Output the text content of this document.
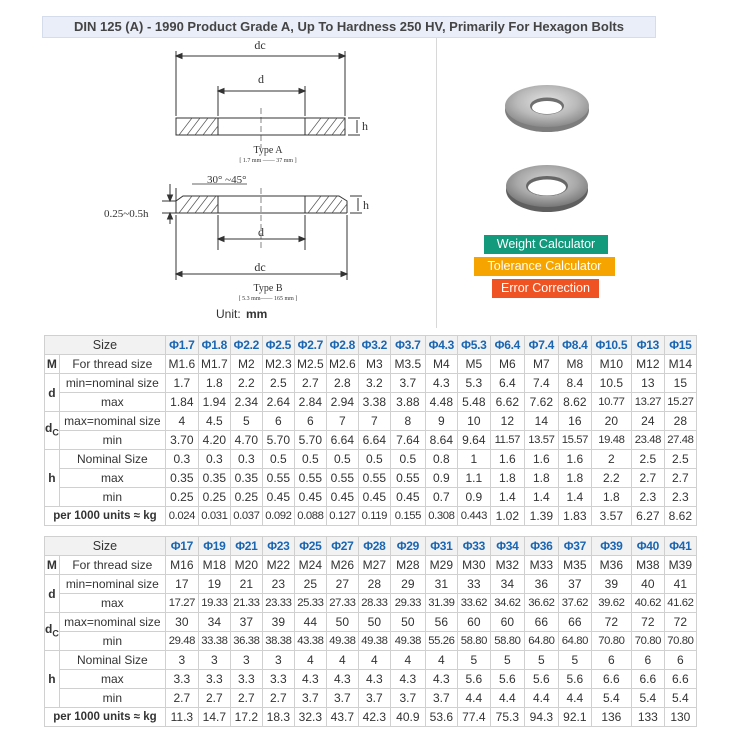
DIN 125 (A) - 1990 Product Grade A, Up To Hardness 250 HV, Primarily For Hexagon Bolts
dc
d
h
Type A
[ 1.7 mm —— 37 mm ]
30° ~45°
0.25~0.5h
h
d
dc
Type B
[ 5.3 mm—— 165 mm ]
Unit: mm
Weight Calculator
Tolerance Calculator
Error Correction
Size		Φ1.7	Φ1.8	Φ2.2	Φ2.5	Φ2.7	Φ2.8	Φ3.2	Φ3.7	Φ4.3	Φ5.3	Φ6.4	Φ7.4	Φ8.4	Φ10.5	Φ13	Φ15
M	For thread size	M1.6	M1.7	M2	M2.3	M2.5	M2.6	M3	M3.5	M4	M5	M6	M7	M8	M10	M12	M14
d	min=nominal size	1.7	1.8	2.2	2.5	2.7	2.8	3.2	3.7	4.3	5.3	6.4	7.4	8.4	10.5	13	15
	max	1.84	1.94	2.34	2.64	2.84	2.94	3.38	3.88	4.48	5.48	6.62	7.62	8.62	10.77	13.27	15.27
$d_C$	max=nominal size	4	4.5	5	6	6	7	7	8	9	10	12	14	16	20	24	28
	min	3.70	4.20	4.70	5.70	5.70	6.64	6.64	7.64	8.64	9.64	11.57	13.57	15.57	19.48	23.48	27.48
h	Nominal Size	0.3	0.3	0.3	0.5	0.5	0.5	0.5	0.5	0.8	1	1.6	1.6	1.6	2	2.5	2.5
	max	0.35	0.35	0.35	0.55	0.55	0.55	0.55	0.55	0.9	1.1	1.8	1.8	1.8	2.2	2.7	2.7
	min	0.25	0.25	0.25	0.45	0.45	0.45	0.45	0.45	0.7	0.9	1.4	1.4	1.4	1.8	2.3	2.3
per 1000 units ≈ kg		0.024	0.031	0.037	0.092	0.088	0.127	0.119	0.155	0.308	0.443	1.02	1.39	1.83	3.57	6.27	8.62
Size		Φ17	Φ19	Φ21	Φ23	Φ25	Φ27	Φ28	Φ29	Φ31	Φ33	Φ34	Φ36	Φ37	Φ39	Φ40	Φ41
M	For thread size	M16	M18	M20	M22	M24	M26	M27	M28	M29	M30	M32	M33	M35	M36	M38	M39
d	min=nominal size	17	19	21	23	25	27	28	29	31	33	34	36	37	39	40	41
	max	17.27	19.33	21.33	23.33	25.33	27.33	28.33	29.33	31.39	33.62	34.62	36.62	37.62	39.62	40.62	41.62
$d_C$	max=nominal size	30	34	37	39	44	50	50	50	56	60	60	66	66	72	72	72
	min	29.48	33.38	36.38	38.38	43.38	49.38	49.38	49.38	55.26	58.80	58.80	64.80	64.80	70.80	70.80	70.80
h	Nominal Size	3	3	3	3	4	4	4	4	4	5	5	5	5	6	6	6
	max	3.3	3.3	3.3	3.3	4.3	4.3	4.3	4.3	4.3	5.6	5.6	5.6	5.6	6.6	6.6	6.6
	min	2.7	2.7	2.7	2.7	3.7	3.7	3.7	3.7	3.7	4.4	4.4	4.4	4.4	5.4	5.4	5.4
per 1000 units ≈ kg		11.3	14.7	17.2	18.3	32.3	43.7	42.3	40.9	53.6	77.4	75.3	94.3	92.1	136	133	130
